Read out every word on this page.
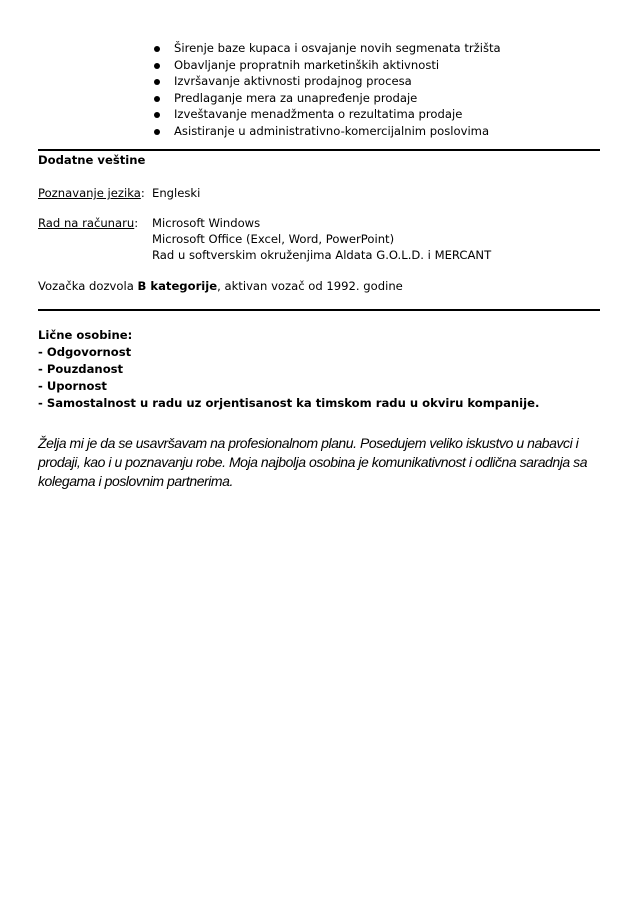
Širenje baze kupaca i osvajanje novih segmenata tržišta
Obavljanje propratnih marketinških aktivnosti
Izvršavanje aktivnosti prodajnog procesa
Predlaganje mera za unapređenje prodaje
Izveštavanje menadžmenta o rezultatima prodaje
Asistiranje u administrativno-komercijalnim poslovima
Dodatne veštine
Poznavanje jezika: Engleski
Rad na računaru: Microsoft Windows
Microsoft Office (Excel, Word, PowerPoint)
Rad u softverskim okruženjima Aldata G.O.L.D. i MERCANT
Vozačka dozvola B kategorije, aktivan vozač od 1992. godine
Lične osobine:
- Odgovornost
- Pouzdanost
- Upornost
- Samostalnost u radu uz orjentisanost ka timskom radu u okviru kompanije.
Želja mi je da se usavršavam na profesionalnom planu. Posedujem veliko iskustvo u nabavci i prodaji, kao i u poznavanju robe. Moja najbolja osobina je komunikativnost i odlična saradnja sa kolegama i poslovnim partnerima.
